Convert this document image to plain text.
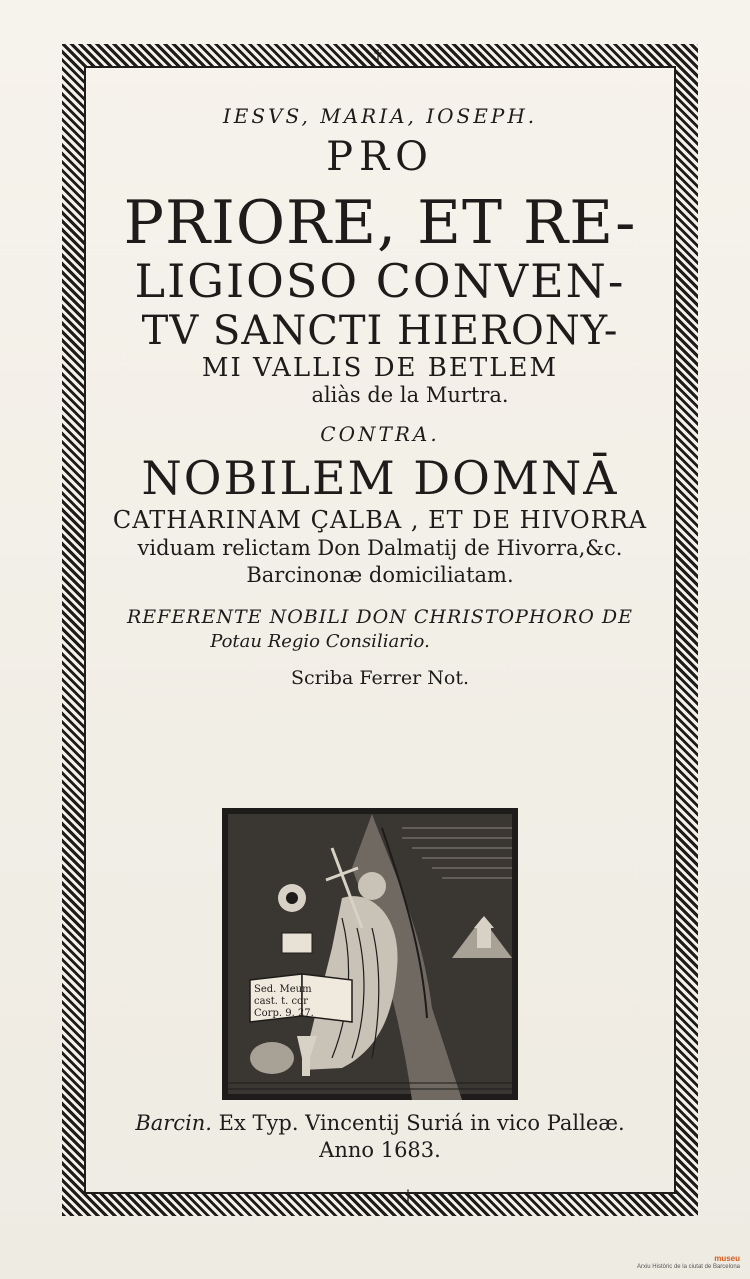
†
†

IESVS, MARIA, IOSEPH.

PRO

PRIORE, ET RE-

LIGIOSO CONVEN-

TV SANCTI HIERONY-

MI VALLIS DE BETLEM

aliàs de la Murtra.

CONTRA.

NOBILEM DOMNĀ

CATHARINAM ÇALBA , ET DE HIVORRA

viduam relictam Don Dalmatij de Hivorra,&c.

Barcinonæ domiciliatam.

REFERENTE NOBILI DON CHRISTOPHORO DE

Potau Regio Consiliario.

Scriba Ferrer Not.

Sed. Meum
cast. t. cor
Corp. 9. 27.

Barcin. Ex Typ. Vincentij Suriá in vico Palleæ.

Anno 1683.

museu
Arxiu Històric de la ciutat de Barcelona
